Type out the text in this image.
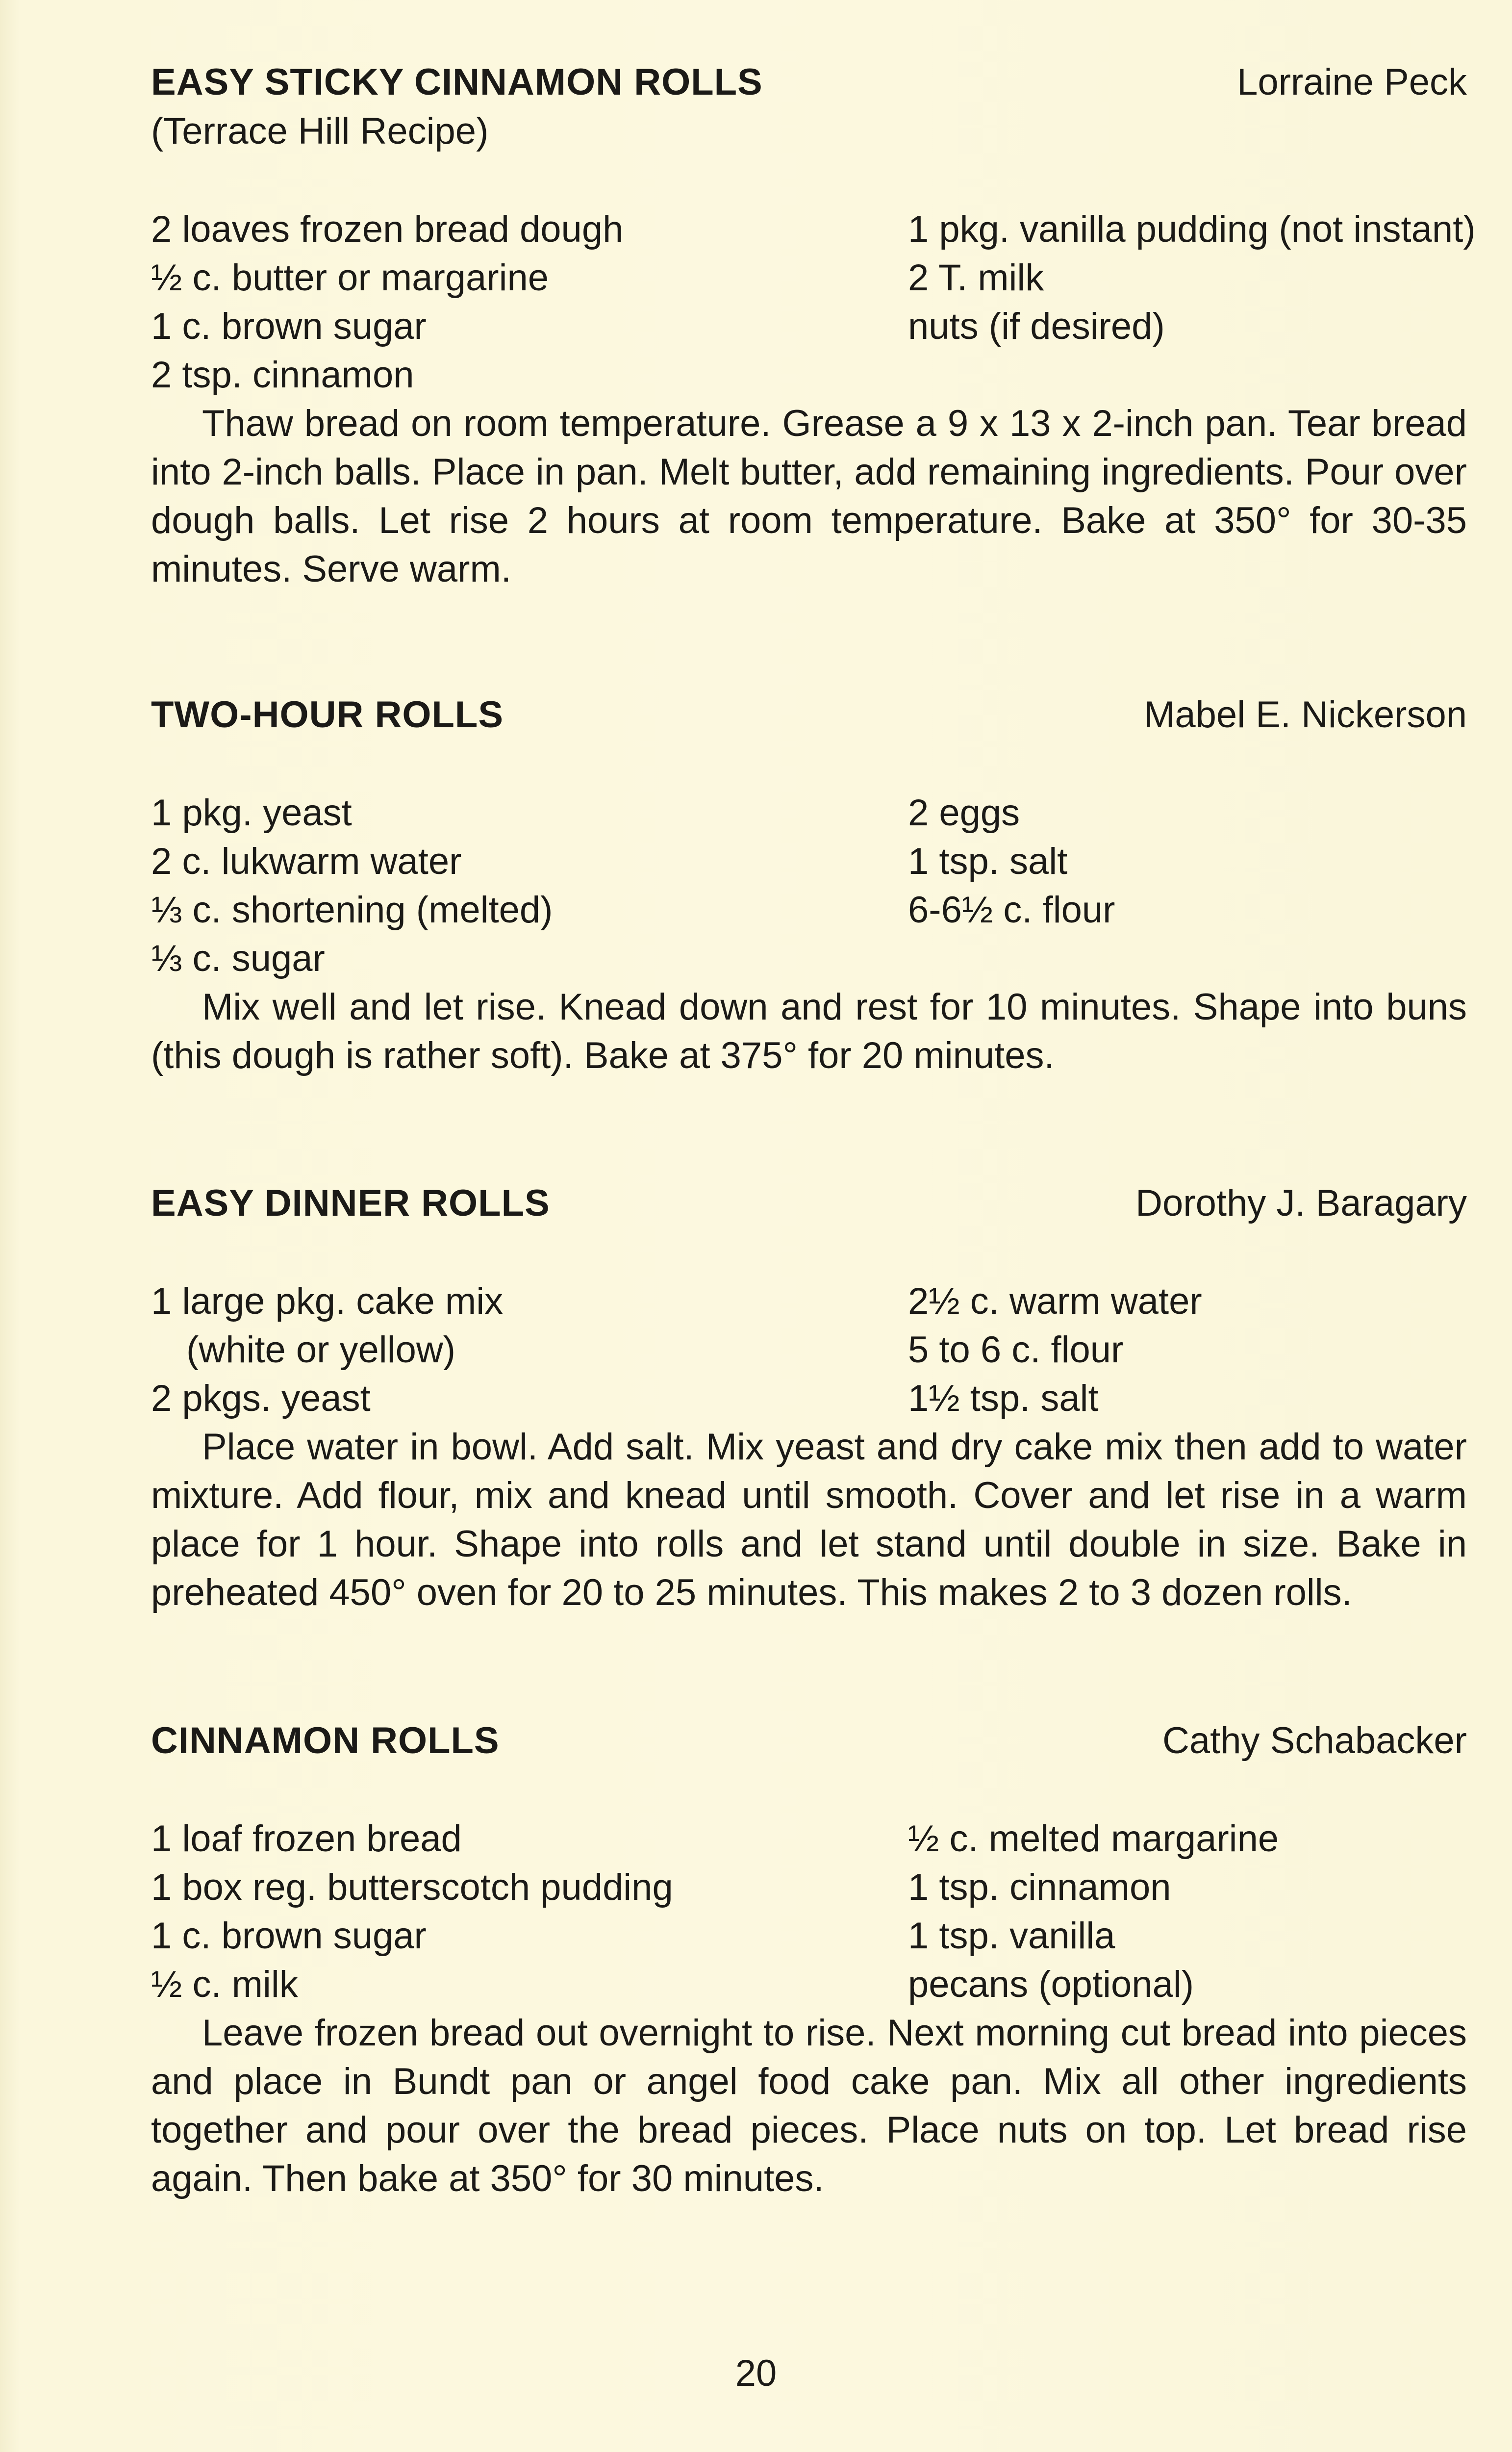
EASY STICKY CINNAMON ROLLS	Lorraine Peck
(Terrace Hill Recipe)
2 loaves frozen bread dough
½ c. butter or margarine
1 c. brown sugar
2 tsp. cinnamon
1 pkg. vanilla pudding (not instant)
2 T. milk
nuts (if desired)

Thaw bread on room temperature. Grease a 9 x 13 x 2-inch pan. Tear bread into 2-inch balls. Place in pan. Melt butter, add remaining ingredients. Pour over dough balls. Let rise 2 hours at room temperature. Bake at 350° for 30-35 minutes. Serve warm.

TWO-HOUR ROLLS	Mabel E. Nickerson
1 pkg. yeast
2 c. lukwarm water
⅓ c. shortening (melted)
⅓ c. sugar
2 eggs
1 tsp. salt
6-6½ c. flour

Mix well and let rise. Knead down and rest for 10 minutes. Shape into buns (this dough is rather soft). Bake at 375° for 20 minutes.

EASY DINNER ROLLS	Dorothy J. Baragary
1 large pkg. cake mix
(white or yellow)
2 pkgs. yeast
2½ c. warm water
5 to 6 c. flour
1½ tsp. salt

Place water in bowl. Add salt. Mix yeast and dry cake mix then add to water mixture. Add flour, mix and knead until smooth. Cover and let rise in a warm place for 1 hour. Shape into rolls and let stand until double in size. Bake in preheated 450° oven for 20 to 25 minutes. This makes 2 to 3 dozen rolls.

CINNAMON ROLLS	Cathy Schabacker
1 loaf frozen bread
1 box reg. butterscotch pudding
1 c. brown sugar
½ c. milk
½ c. melted margarine
1 tsp. cinnamon
1 tsp. vanilla
pecans (optional)

Leave frozen bread out overnight to rise. Next morning cut bread into pieces and place in Bundt pan or angel food cake pan. Mix all other ingredients together and pour over the bread pieces. Place nuts on top. Let bread rise again. Then bake at 350° for 30 minutes.

20
